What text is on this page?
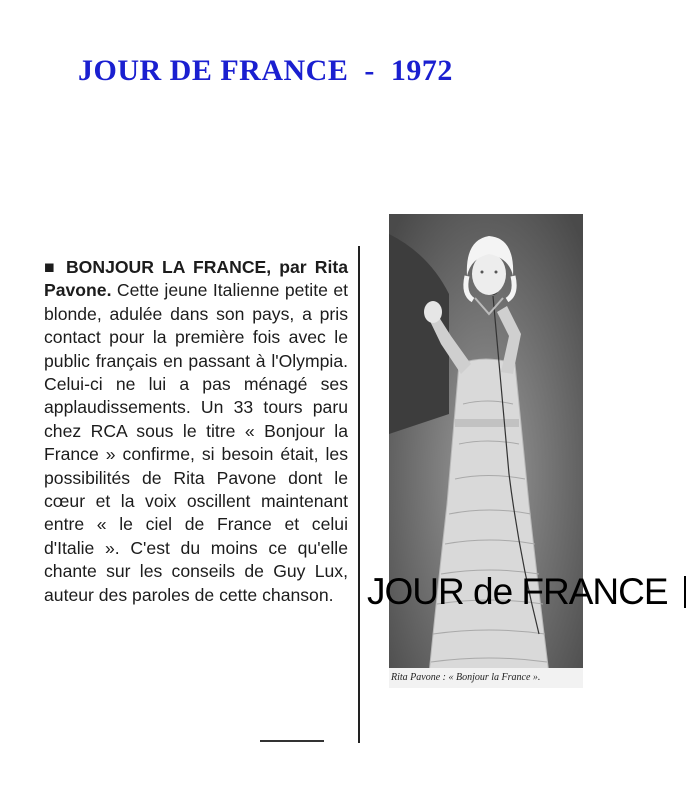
JOUR DE FRANCE  -  1972

■ BONJOUR LA FRANCE, par Rita Pavone. Cette jeune Italienne petite et blonde, adulée dans son pays, a pris contact pour la première fois avec le public français en passant à l'Olympia. Celui-ci ne lui a pas ménagé ses applaudissements. Un 33 tours paru chez RCA sous le titre « Bonjour la France » confirme, si besoin était, les possibilités de Rita Pavone dont le cœur et la voix oscillent maintenant entre « le ciel de France et celui d'Italie ». C'est du moins ce qu'elle chante sur les conseils de Guy Lux, auteur des paroles de cette chanson.

Rita Pavone : « Bonjour la France ».
JOUR de FRANCE
